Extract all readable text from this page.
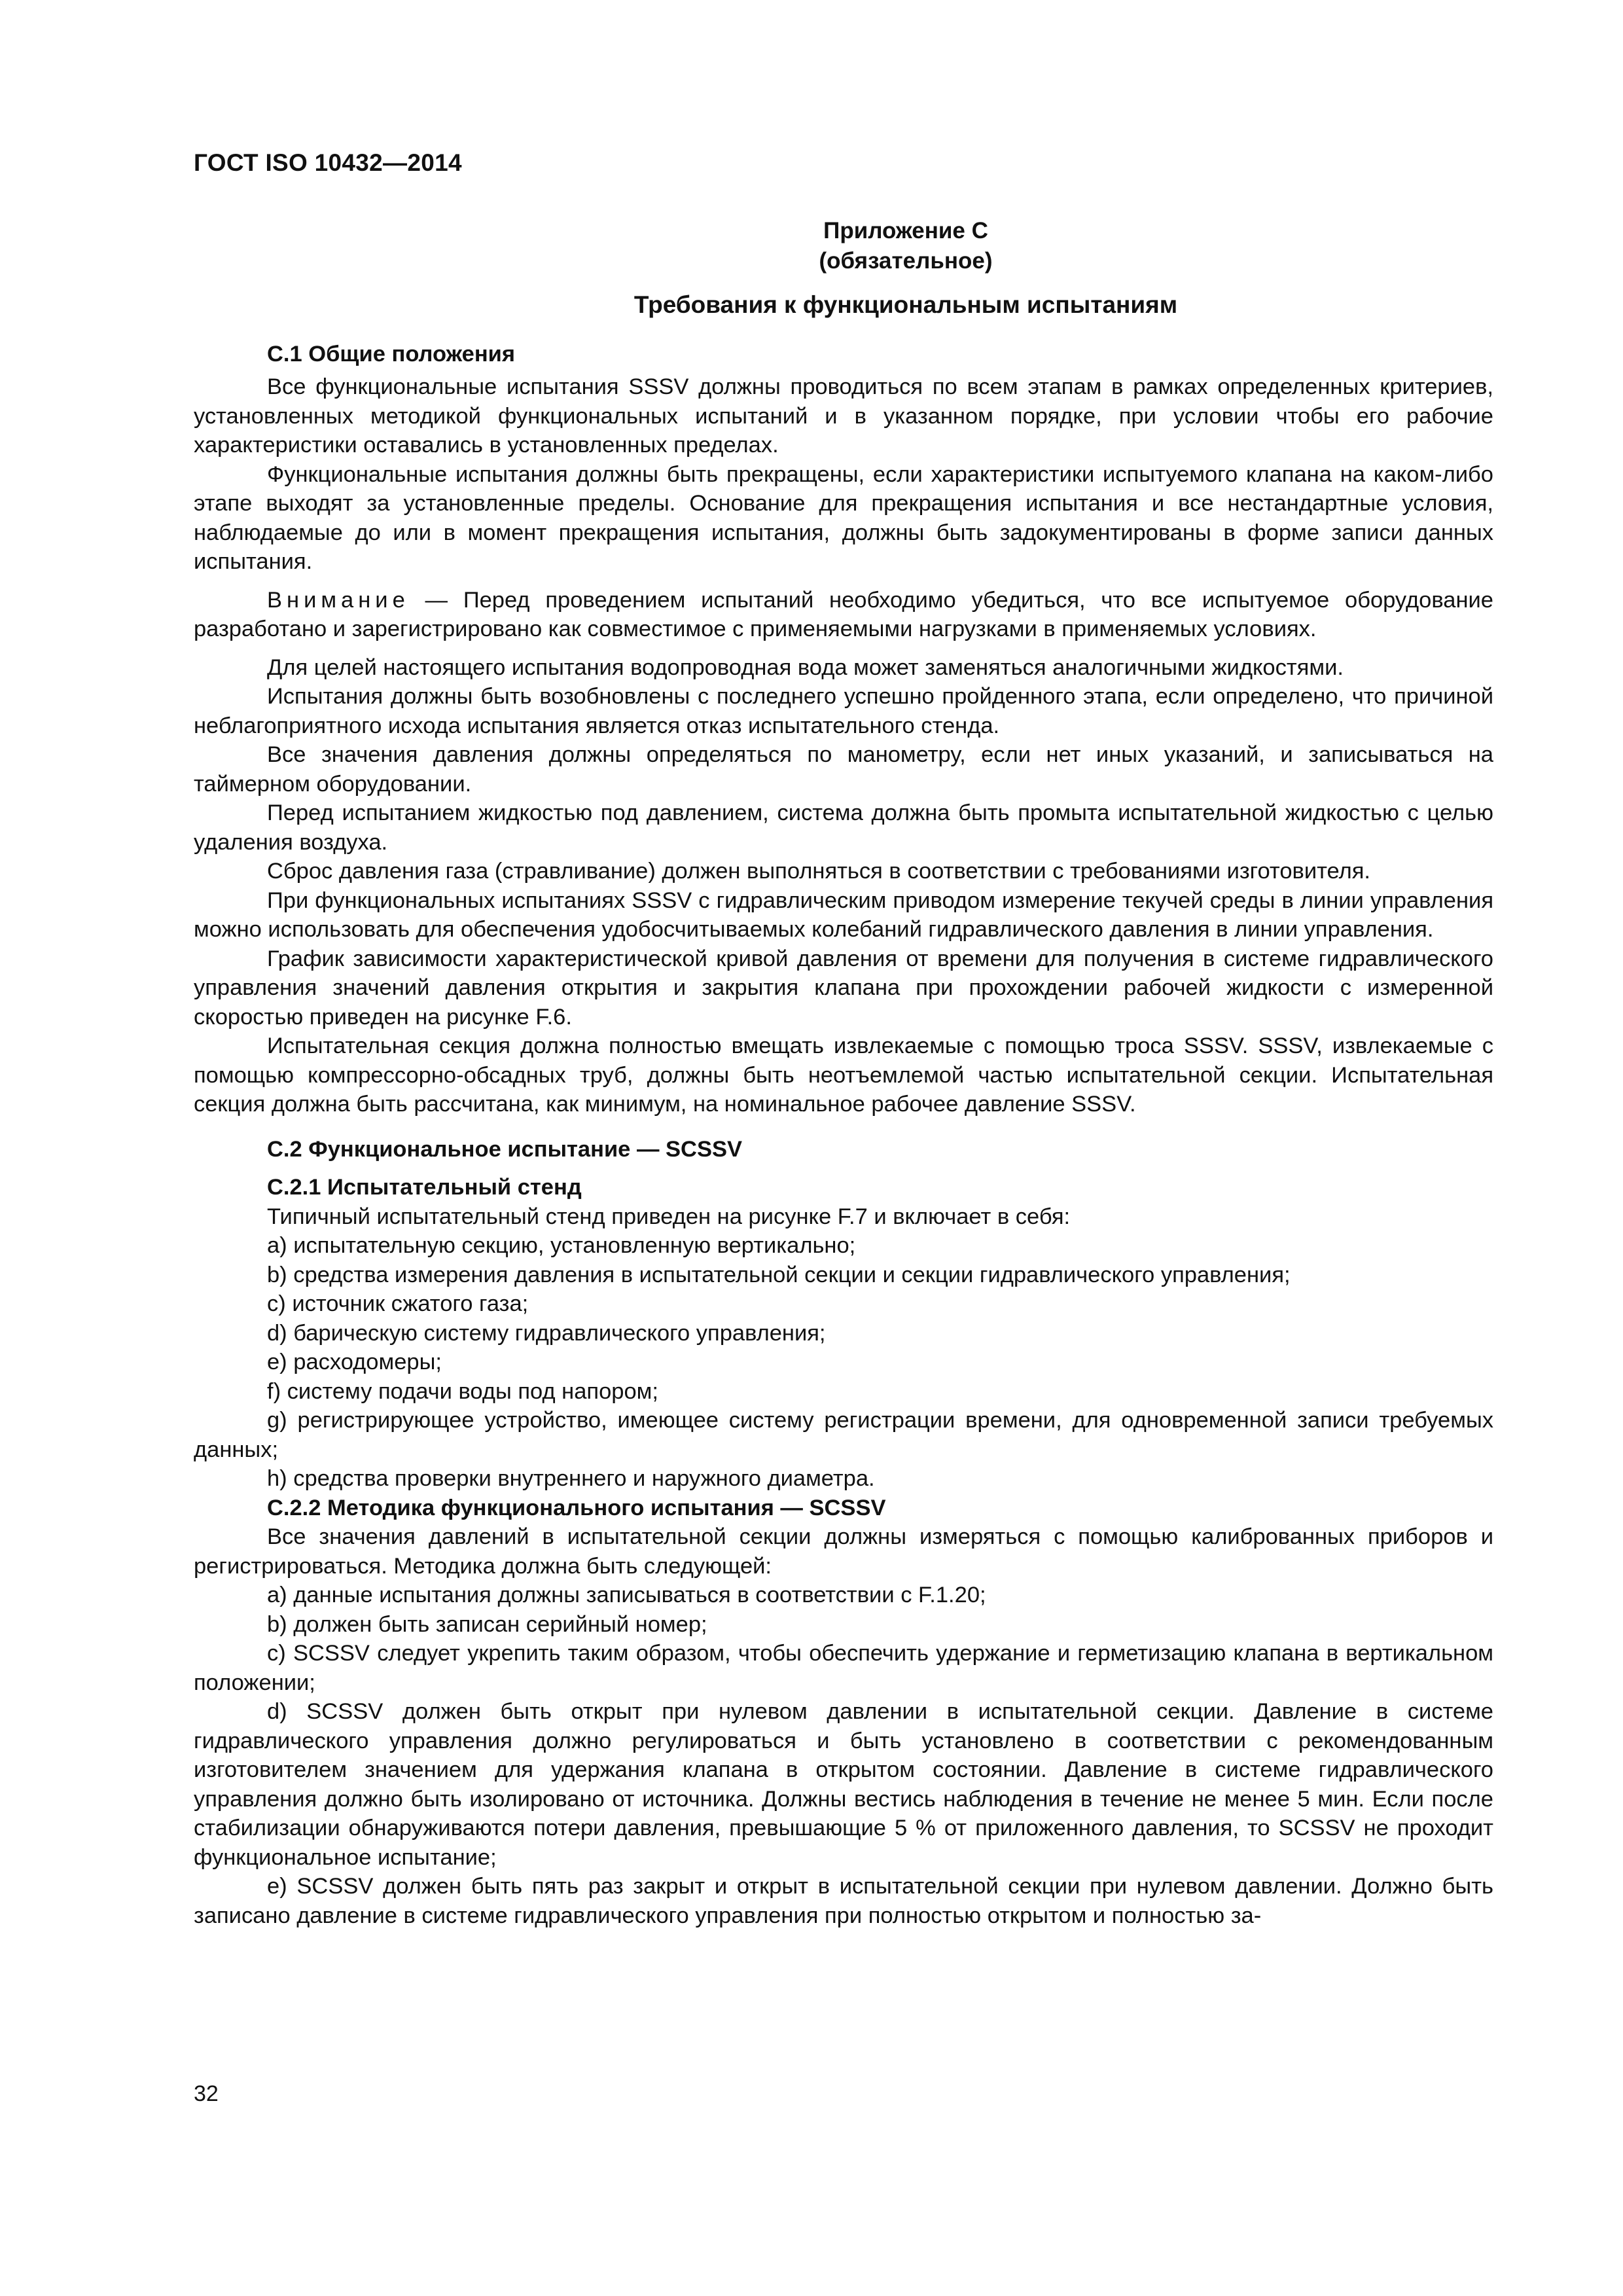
ГОСТ ISO 10432—2014
Приложение С
(обязательное)
Требования к функциональным испытаниям
С.1 Общие положения

Все функциональные испытания SSSV должны проводиться по всем этапам в рамках определенных критериев, установленных методикой функциональных испытаний и в указанном порядке, при условии чтобы его рабочие характеристики оставались в установленных пределах.

Функциональные испытания должны быть прекращены, если характеристики испытуемого клапана на каком-либо этапе выходят за установленные пределы. Основание для прекращения испытания и все нестандартные условия, наблюдаемые до или в момент прекращения испытания, должны быть задокументированы в форме записи данных испытания.

Внимание — Перед проведением испытаний необходимо убедиться, что все испытуемое оборудование разработано и зарегистрировано как совместимое с применяемыми нагрузками в применяемых условиях.

Для целей настоящего испытания водопроводная вода может заменяться аналогичными жидкостями.

Испытания должны быть возобновлены с последнего успешно пройденного этапа, если определено, что причиной неблагоприятного исхода испытания является отказ испытательного стенда.

Все значения давления должны определяться по манометру, если нет иных указаний, и записываться на таймерном оборудовании.

Перед испытанием жидкостью под давлением, система должна быть промыта испытательной жидкостью с целью удаления воздуха.

Сброс давления газа (стравливание) должен выполняться в соответствии с требованиями изготовителя.

При функциональных испытаниях SSSV с гидравлическим приводом измерение текучей среды в линии управления можно использовать для обеспечения удобосчитываемых колебаний гидравлического давления в линии управления.

График зависимости характеристической кривой давления от времени для получения в системе гидравлического управления значений давления открытия и закрытия клапана при прохождении рабочей жидкости с измеренной скоростью приведен на рисунке F.6.

Испытательная секция должна полностью вмещать извлекаемые с помощью троса SSSV. SSSV, извлекаемые с помощью компрессорно-обсадных труб, должны быть неотъемлемой частью испытательной секции. Испытательная секция должна быть рассчитана, как минимум, на номинальное рабочее давление SSSV.

С.2 Функциональное испытание — SCSSV
С.2.1 Испытательный стенд

Типичный испытательный стенд приведен на рисунке F.7 и включает в себя:

a) испытательную секцию, установленную вертикально;

b) средства измерения давления в испытательной секции и секции гидравлического управления;

c) источник сжатого газа;

d) барическую систему гидравлического управления;

e) расходомеры;

f) систему подачи воды под напором;

g) регистрирующее устройство, имеющее систему регистрации времени, для одновременной записи требуемых данных;

h) средства проверки внутреннего и наружного диаметра.

С.2.2 Методика функционального испытания — SCSSV

Все значения давлений в испытательной секции должны измеряться с помощью калиброванных приборов и регистрироваться. Методика должна быть следующей:

a) данные испытания должны записываться в соответствии с F.1.20;

b) должен быть записан серийный номер;

c) SCSSV следует укрепить таким образом, чтобы обеспечить удержание и герметизацию клапана в вертикальном положении;

d) SCSSV должен быть открыт при нулевом давлении в испытательной секции. Давление в системе гидравлического управления должно регулироваться и быть установлено в соответствии с рекомендованным изготовителем значением для удержания клапана в открытом состоянии. Давление в системе гидравлического управления должно быть изолировано от источника. Должны вестись наблюдения в течение не менее 5 мин. Если после стабилизации обнаруживаются потери давления, превышающие 5 % от приложенного давления, то SCSSV не проходит функциональное испытание;

e) SCSSV должен быть пять раз закрыт и открыт в испытательной секции при нулевом давлении. Должно быть записано давление в системе гидравлического управления при полностью открытом и полностью за-

32
